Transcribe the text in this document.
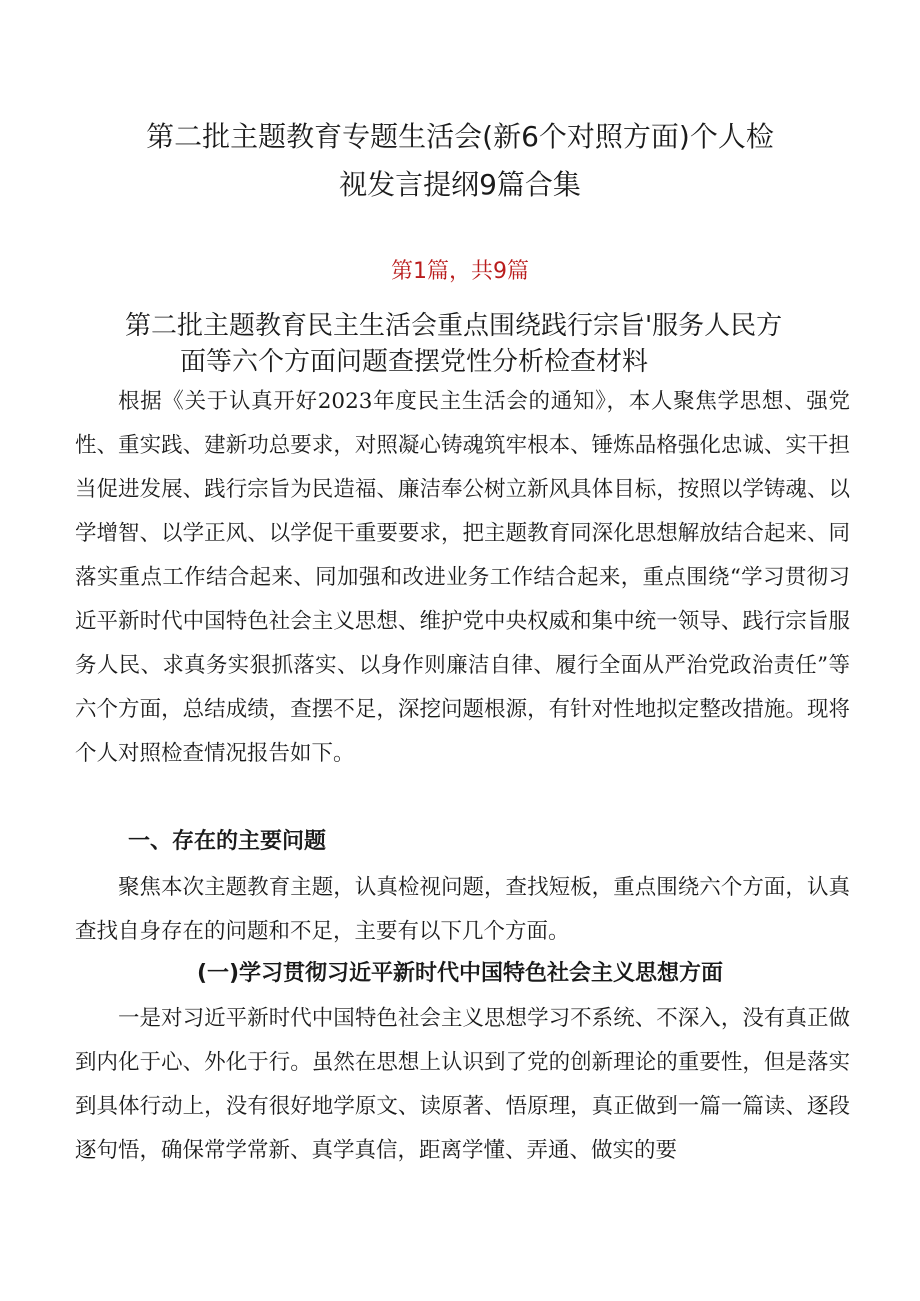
第二批主题教育专题生活会(新6个对照方面)个人检
视发言提纲9篇合集
第1篇，共9篇
第二批主题教育民主生活会重点围绕践行宗旨'服务人民方
面等六个方面问题查摆党性分析检查材料

根据《关于认真开好2023年度民主生活会的通知》，本人聚焦学思想、强党性、重实践、建新功总要求，对照凝心铸魂筑牢根本、锤炼品格强化忠诚、实干担当促进发展、践行宗旨为民造福、廉洁奉公树立新风具体目标，按照以学铸魂、以学增智、以学正风、以学促干重要要求，把主题教育同深化思想解放结合起来、同落实重点工作结合起来、同加强和改进业务工作结合起来，重点围绕“学习贯彻习近平新时代中国特色社会主义思想、维护党中央权威和集中统一领导、践行宗旨服务人民、求真务实狠抓落实、以身作则廉洁自律、履行全面从严治党政治责任”等六个方面，总结成绩，查摆不足，深挖问题根源，有针对性地拟定整改措施。现将个人对照检查情况报告如下。

一、存在的主要问题

聚焦本次主题教育主题，认真检视问题，查找短板，重点围绕六个方面，认真查找自身存在的问题和不足，主要有以下几个方面。

(一)学习贯彻习近平新时代中国特色社会主义思想方面

一是对习近平新时代中国特色社会主义思想学习不系统、不深入，没有真正做到内化于心、外化于行。虽然在思想上认识到了党的创新理论的重要性，但是落实到具体行动上，没有很好地学原文、读原著、悟原理，真正做到一篇一篇读、逐段逐句悟，确保常学常新、真学真信，距离学懂、弄通、做实的要
